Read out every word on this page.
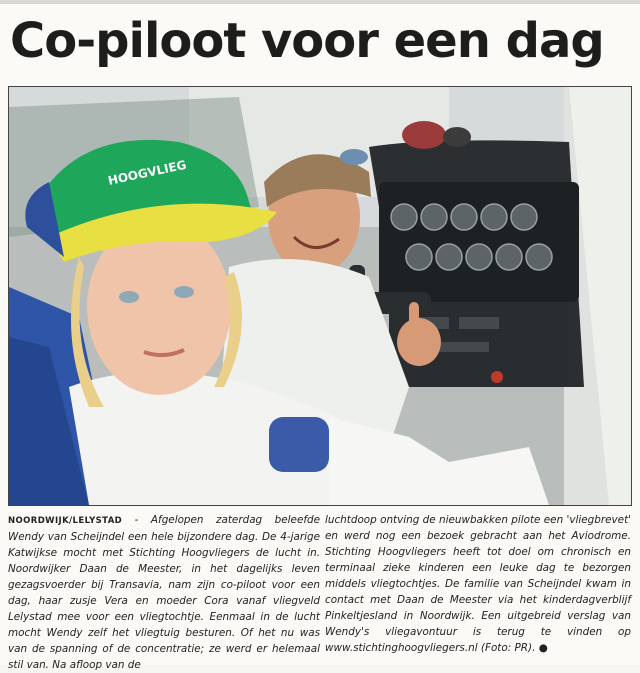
Co-piloot voor een dag
HOOGVLIEG
NOORDWIJK/LELYSTAD - Afgelopen zaterdag beleefde Wendy van Scheijndel een hele bijzondere dag. De 4-jarige Katwijkse mocht met Stichting Hoogvliegers de lucht in. Noordwijker Daan de Meester, in het dagelijks leven gezagsvoerder bij Transavia, nam zijn co-piloot voor een dag, haar zusje Vera en moeder Cora vanaf vliegveld Lelystad mee voor een vliegtochtje. Eenmaal in de lucht mocht Wendy zelf het vliegtuig besturen. Of het nu was van de spanning of de concentratie; ze werd er helemaal stil van. Na afloop van de
luchtdoop ontving de nieuwbakken pilote een 'vliegbrevet' en werd nog een bezoek gebracht aan het Aviodrome. Stichting Hoogvliegers heeft tot doel om chronisch en terminaal zieke kinderen een leuke dag te bezorgen middels vliegtochtjes. De familie van Scheijndel kwam in contact met Daan de Meester via het kinderdagverblijf Pinkeltjesland in Noordwijk. Een uitgebreid verslag van Wendy's vliegavontuur is terug te vinden op www.stichtinghoogvliegers.nl (Foto: PR). ●
